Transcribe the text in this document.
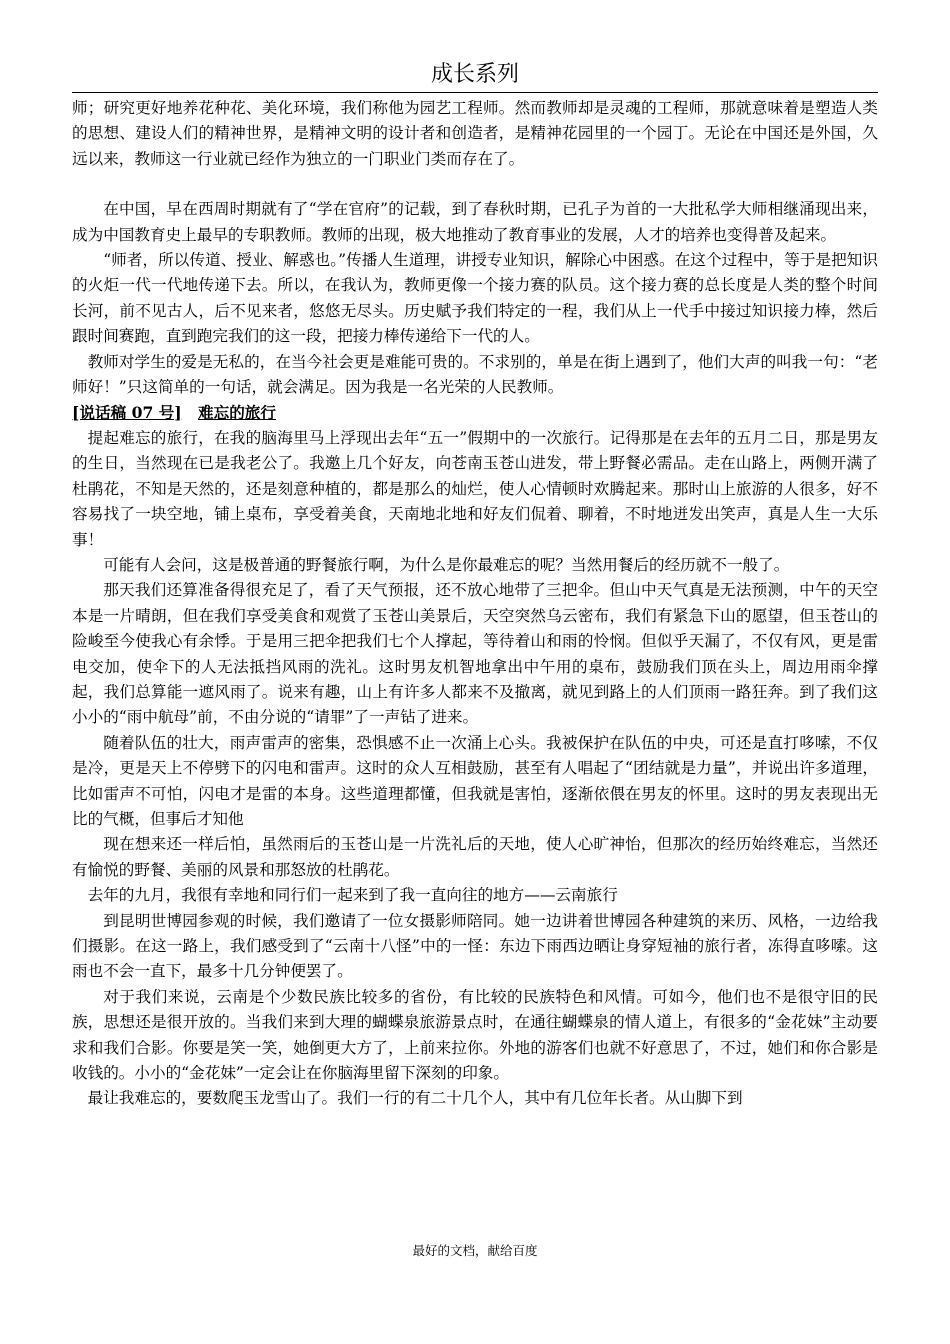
成长系列

师；研究更好地养花种花、美化环境，我们称他为园艺工程师。然而教师却是灵魂的工程师，那就意味着是塑造人类的思想、建设人们的精神世界，是精神文明的设计者和创造者，是精神花园里的一个园丁。无论在中国还是外国，久远以来，教师这一行业就已经作为独立的一门职业门类而存在了。

在中国，早在西周时期就有了“学在官府”的记载，到了春秋时期，已孔子为首的一大批私学大师相继涌现出来，成为中国教育史上最早的专职教师。教师的出现，极大地推动了教育事业的发展，人才的培养也变得普及起来。

“师者，所以传道、授业、解惑也。”传播人生道理，讲授专业知识，解除心中困惑。在这个过程中，等于是把知识的火炬一代一代地传递下去。所以，在我认为，教师更像一个接力赛的队员。这个接力赛的总长度是人类的整个时间长河，前不见古人，后不见来者，悠悠无尽头。历史赋予我们特定的一程，我们从上一代手中接过知识接力棒，然后跟时间赛跑，直到跑完我们的这一段，把接力棒传递给下一代的人。

教师对学生的爱是无私的，在当今社会更是难能可贵的。不求别的，单是在街上遇到了，他们大声的叫我一句：“老师好！”只这简单的一句话，就会满足。因为我是一名光荣的人民教师。

[说话稿 07 号] 难忘的旅行

提起难忘的旅行，在我的脑海里马上浮现出去年“五一”假期中的一次旅行。记得那是在去年的五月二日，那是男友的生日，当然现在已是我老公了。我邀上几个好友，向苍南玉苍山进发，带上野餐必需品。走在山路上，两侧开满了杜鹃花，不知是天然的，还是刻意种植的，都是那么的灿烂，使人心情顿时欢腾起来。那时山上旅游的人很多，好不容易找了一块空地，铺上桌布，享受着美食，天南地北地和好友们侃着、聊着，不时地迸发出笑声，真是人生一大乐事！

可能有人会问，这是极普通的野餐旅行啊，为什么是你最难忘的呢？当然用餐后的经历就不一般了。

那天我们还算准备得很充足了，看了天气预报，还不放心地带了三把伞。但山中天气真是无法预测，中午的天空本是一片晴朗，但在我们享受美食和观赏了玉苍山美景后，天空突然乌云密布，我们有紧急下山的愿望，但玉苍山的险峻至今使我心有余悸。于是用三把伞把我们七个人撑起，等待着山和雨的怜悯。但似乎天漏了，不仅有风，更是雷电交加，使伞下的人无法抵挡风雨的洗礼。这时男友机智地拿出中午用的桌布，鼓励我们顶在头上，周边用雨伞撑起，我们总算能一遮风雨了。说来有趣，山上有许多人都来不及撤离，就见到路上的人们顶雨一路狂奔。到了我们这小小的“雨中航母”前，不由分说的“请罪”了一声钻了进来。

随着队伍的壮大，雨声雷声的密集，恐惧感不止一次涌上心头。我被保护在队伍的中央，可还是直打哆嗦，不仅是冷，更是天上不停劈下的闪电和雷声。这时的众人互相鼓励，甚至有人唱起了“团结就是力量”，并说出许多道理，比如雷声不可怕，闪电才是雷的本身。这些道理都懂，但我就是害怕，逐渐依偎在男友的怀里。这时的男友表现出无比的气概，但事后才知他

现在想来还一样后怕，虽然雨后的玉苍山是一片洗礼后的天地，使人心旷神怡，但那次的经历始终难忘，当然还有愉悦的野餐、美丽的风景和那怒放的杜鹃花。

去年的九月，我很有幸地和同行们一起来到了我一直向往的地方——云南旅行

到昆明世博园参观的时候，我们邀请了一位女摄影师陪同。她一边讲着世博园各种建筑的来历、风格，一边给我们摄影。在这一路上，我们感受到了“云南十八怪”中的一怪：东边下雨西边晒让身穿短袖的旅行者，冻得直哆嗦。这雨也不会一直下，最多十几分钟便罢了。

对于我们来说，云南是个少数民族比较多的省份，有比较的民族特色和风情。可如今，他们也不是很守旧的民族，思想还是很开放的。当我们来到大理的蝴蝶泉旅游景点时，在通往蝴蝶泉的情人道上，有很多的“金花妹”主动要求和我们合影。你要是笑一笑，她倒更大方了，上前来拉你。外地的游客们也就不好意思了，不过，她们和你合影是收钱的。小小的“金花妹”一定会让在你脑海里留下深刻的印象。

最让我难忘的，要数爬玉龙雪山了。我们一行的有二十几个人，其中有几位年长者。从山脚下到

最好的文档，献给百度
